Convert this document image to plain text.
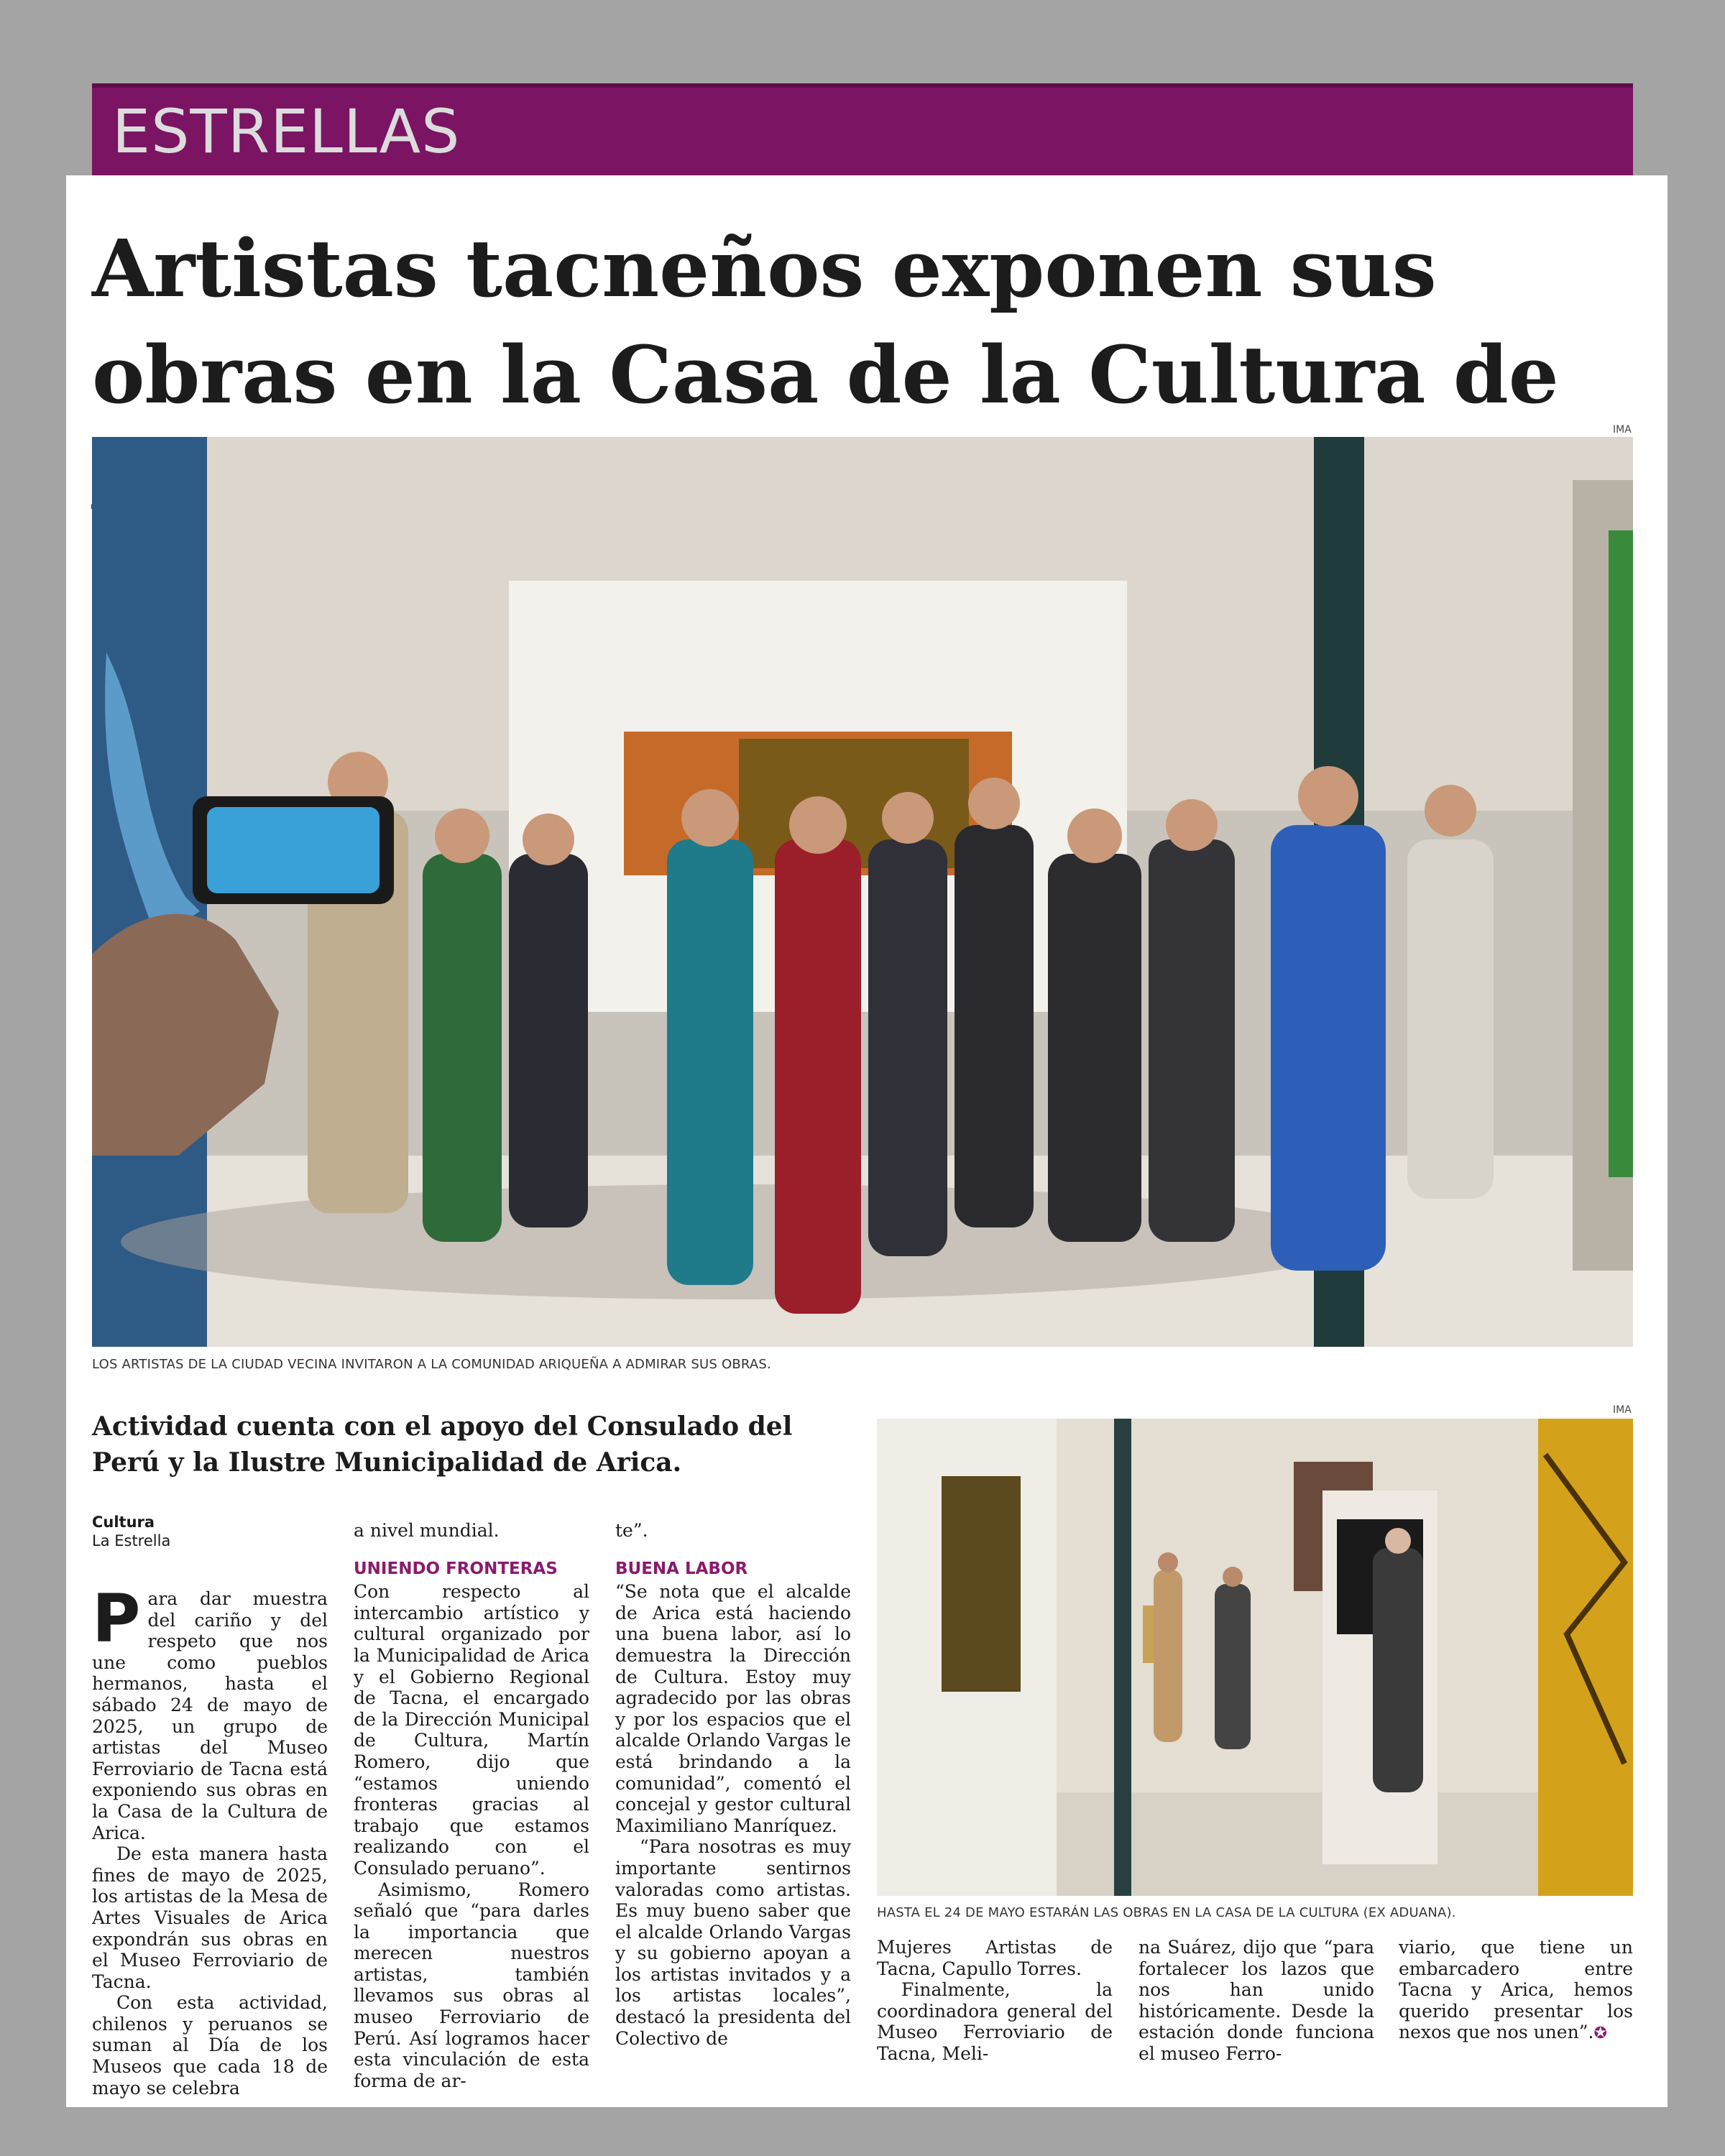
ESTRELLAS
Artistas tacneños exponen sus obras en la Casa de la Cultura de
IMA
LOS ARTISTAS DE LA CIUDAD VECINA INVITARON A LA COMUNIDAD ARIQUEÑA A ADMIRAR SUS OBRAS.
Actividad cuenta con el apoyo del Consulado del Perú y la Ilustre Municipalidad de Arica.
Cultura
La Estrella

Para dar muestra del cariño y del respeto que nos une como pueblos hermanos, hasta el sábado 24 de mayo de 2025, un grupo de artistas del Museo Ferroviario de Tacna está exponiendo sus obras en la Casa de la Cultura de Arica.

De esta manera hasta fines de mayo de 2025, los artistas de la Mesa de Artes Visuales de Arica expondrán sus obras en el Museo Ferroviario de Tacna.

Con esta actividad, chilenos y peruanos se suman al Día de los Museos que cada 18 de mayo se celebra

a nivel mundial.

UNIENDO FRONTERAS

Con respecto al intercambio artístico y cultural organizado por la Municipalidad de Arica y el Gobierno Regional de Tacna, el encargado de la Dirección Municipal de Cultura, Martín Romero, dijo que “estamos uniendo fronteras gracias al trabajo que estamos realizando con el Consulado peruano”.

Asimismo, Romero señaló que “para darles la importancia que merecen nuestros artistas, también llevamos sus obras al museo Ferroviario de Perú. Así logramos hacer esta vinculación de esta forma de ar-

te”.

BUENA LABOR

“Se nota que el alcalde de Arica está haciendo una buena labor, así lo demuestra la Dirección de Cultura. Estoy muy agradecido por las obras y por los espacios que el alcalde Orlando Vargas le está brindando a la comunidad”, comentó el concejal y gestor cultural Maximiliano Manríquez.

“Para nosotras es muy importante sentirnos valoradas como artistas. Es muy bueno saber que el alcalde Orlando Vargas y su gobierno apoyan a los artistas invitados y a los artistas locales”, destacó la presidenta del Colectivo de

IMA
HASTA EL 24 DE MAYO ESTARÁN LAS OBRAS EN LA CASA DE LA CULTURA (EX ADUANA).

Mujeres Artistas de Tacna, Capullo Torres.

Finalmente, la coordinadora general del Museo Ferroviario de Tacna, Meli-

na Suárez, dijo que “para fortalecer los lazos que nos han unido históricamente. Desde la estación donde funciona el museo Ferro-

viario, que tiene un embarcadero entre Tacna y Arica, hemos querido presentar los nexos que nos unen”.✪
